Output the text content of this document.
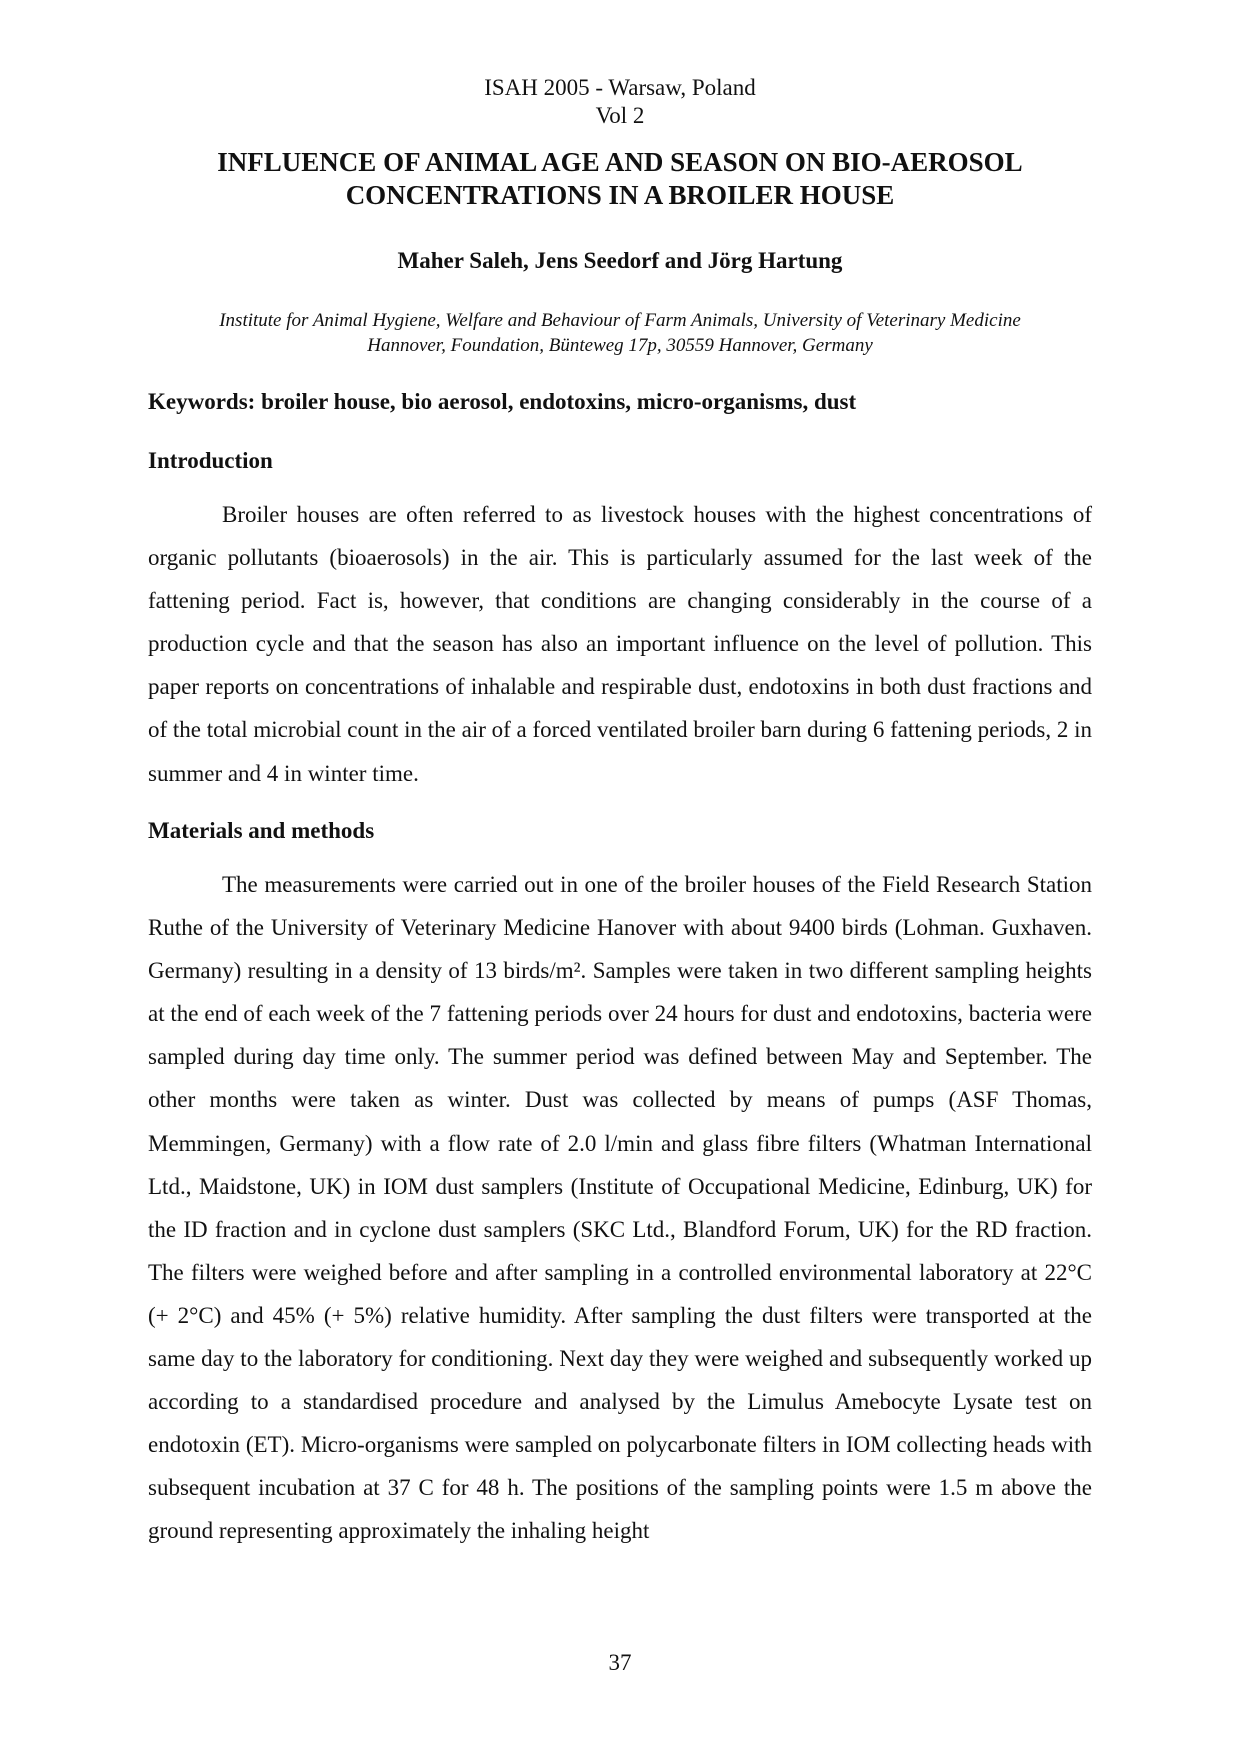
ISAH 2005 - Warsaw, Poland
Vol 2
INFLUENCE OF ANIMAL AGE AND SEASON ON BIO-AEROSOL
CONCENTRATIONS IN A BROILER HOUSE
Maher Saleh, Jens Seedorf and Jörg Hartung
Institute for Animal Hygiene, Welfare and Behaviour of Farm Animals, University of Veterinary Medicine
Hannover, Foundation, Bünteweg 17p, 30559 Hannover, Germany
Keywords: broiler house, bio aerosol, endotoxins, micro-organisms, dust
Introduction

Broiler houses are often referred to as livestock houses with the highest concentrations of organic pollutants (bioaerosols) in the air. This is particularly assumed for the last week of the fattening period. Fact is, however, that conditions are changing considerably in the course of a production cycle and that the season has also an important influence on the level of pollution. This paper reports on concentrations of inhalable and respirable dust, endotoxins in both dust fractions and of the total microbial count in the air of a forced ventilated broiler barn during 6 fattening periods, 2 in summer and 4 in winter time.

Materials and methods

The measurements were carried out in one of the broiler houses of the Field Research Station Ruthe of the University of Veterinary Medicine Hanover with about 9400 birds (Lohman. Guxhaven. Germany) resulting in a density of 13 birds/m². Samples were taken in two different sampling heights at the end of each week of the 7 fattening periods over 24 hours for dust and endotoxins, bacteria were sampled during day time only. The summer period was defined between May and September. The other months were taken as winter. Dust was collected by means of pumps (ASF Thomas, Memmingen, Germany) with a flow rate of 2.0 l/min and glass fibre filters (Whatman International Ltd., Maidstone, UK) in IOM dust samplers (Institute of Occupational Medicine, Edinburg, UK) for the ID fraction and in cyclone dust samplers (SKC Ltd., Blandford Forum, UK) for the RD fraction. The filters were weighed before and after sampling in a controlled environmental laboratory at 22°C (+ 2°C) and 45% (+ 5%) relative humidity. After sampling the dust filters were transported at the same day to the laboratory for conditioning. Next day they were weighed and subsequently worked up according to a standardised procedure and analysed by the Limulus Amebocyte Lysate test on endotoxin (ET). Micro-organisms were sampled on polycarbonate filters in IOM collecting heads with subsequent incubation at 37 C for 48 h. The positions of the sampling points were 1.5 m above the ground representing approximately the inhaling height

37
